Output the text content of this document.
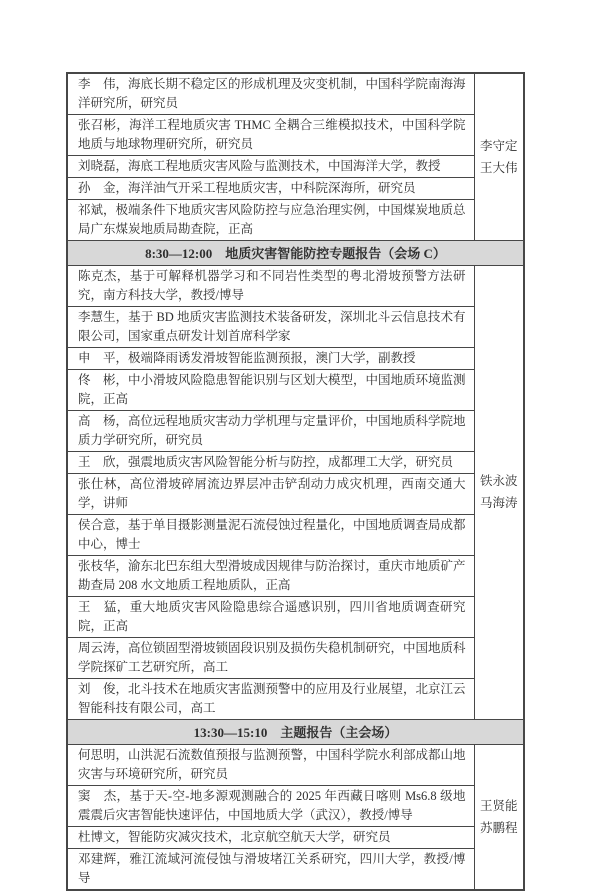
李　伟，海底长期不稳定区的形成机理及灾变机制，中国科学院南海海洋研究所，研究员	李守定
王大伟

张召彬，海洋工程地质灾害 THMC 全耦合三维模拟技术，中国科学院地质与地球物理研究所，研究员	
刘晓磊，海底工程地质灾害风险与监测技术，中国海洋大学，教授	
孙　金，海洋油气开采工程地质灾害，中科院深海所，研究员	
祁斌，极端条件下地质灾害风险防控与应急治理实例，中国煤炭地质总局广东煤炭地质局勘查院，正高	
8:30—12:00　地质灾害智能防控专题报告（会场 C）	
陈克杰，基于可解释机器学习和不同岩性类型的粤北滑坡预警方法研究，南方科技大学，教授/博导	铁永波
马海涛

李慧生，基于 BD 地质灾害监测技术装备研发，深圳北斗云信息技术有限公司，国家重点研发计划首席科学家	
申　平，极端降雨诱发滑坡智能监测预报，澳门大学，副教授	
佟　彬，中小滑坡风险隐患智能识别与区划大模型，中国地质环境监测院，正高	
高　杨，高位远程地质灾害动力学机理与定量评价，中国地质科学院地质力学研究所，研究员	
王　欣，强震地质灾害风险智能分析与防控，成都理工大学，研究员	
张仕林，高位滑坡碎屑流边界层冲击铲刮动力成灾机理，西南交通大学，讲师	
侯合意，基于单目摄影测量泥石流侵蚀过程量化，中国地质调查局成都中心，博士	
张枝华，渝东北巴东组大型滑坡成因规律与防治探讨，重庆市地质矿产勘查局 208 水文地质工程地质队，正高	
王　猛，重大地质灾害风险隐患综合遥感识别，四川省地质调查研究院，正高	
周云涛，高位锁固型滑坡锁固段识别及损伤失稳机制研究，中国地质科学院探矿工艺研究所，高工	
刘　俊，北斗技术在地质灾害监测预警中的应用及行业展望，北京江云智能科技有限公司，高工	
13:30—15:10　主题报告（主会场）	
何思明，山洪泥石流数值预报与监测预警，中国科学院水利部成都山地灾害与环境研究所，研究员	王贤能
苏鹏程

窦　杰，基于天-空-地多源观测融合的 2025 年西藏日喀则 Ms6.8 级地震震后灾害智能快速评估，中国地质大学（武汉），教授/博导	
杜博文，智能防灾减灾技术，北京航空航天大学，研究员	
邓建辉，雅江流域河流侵蚀与滑坡堵江关系研究，四川大学，教授/博导	
